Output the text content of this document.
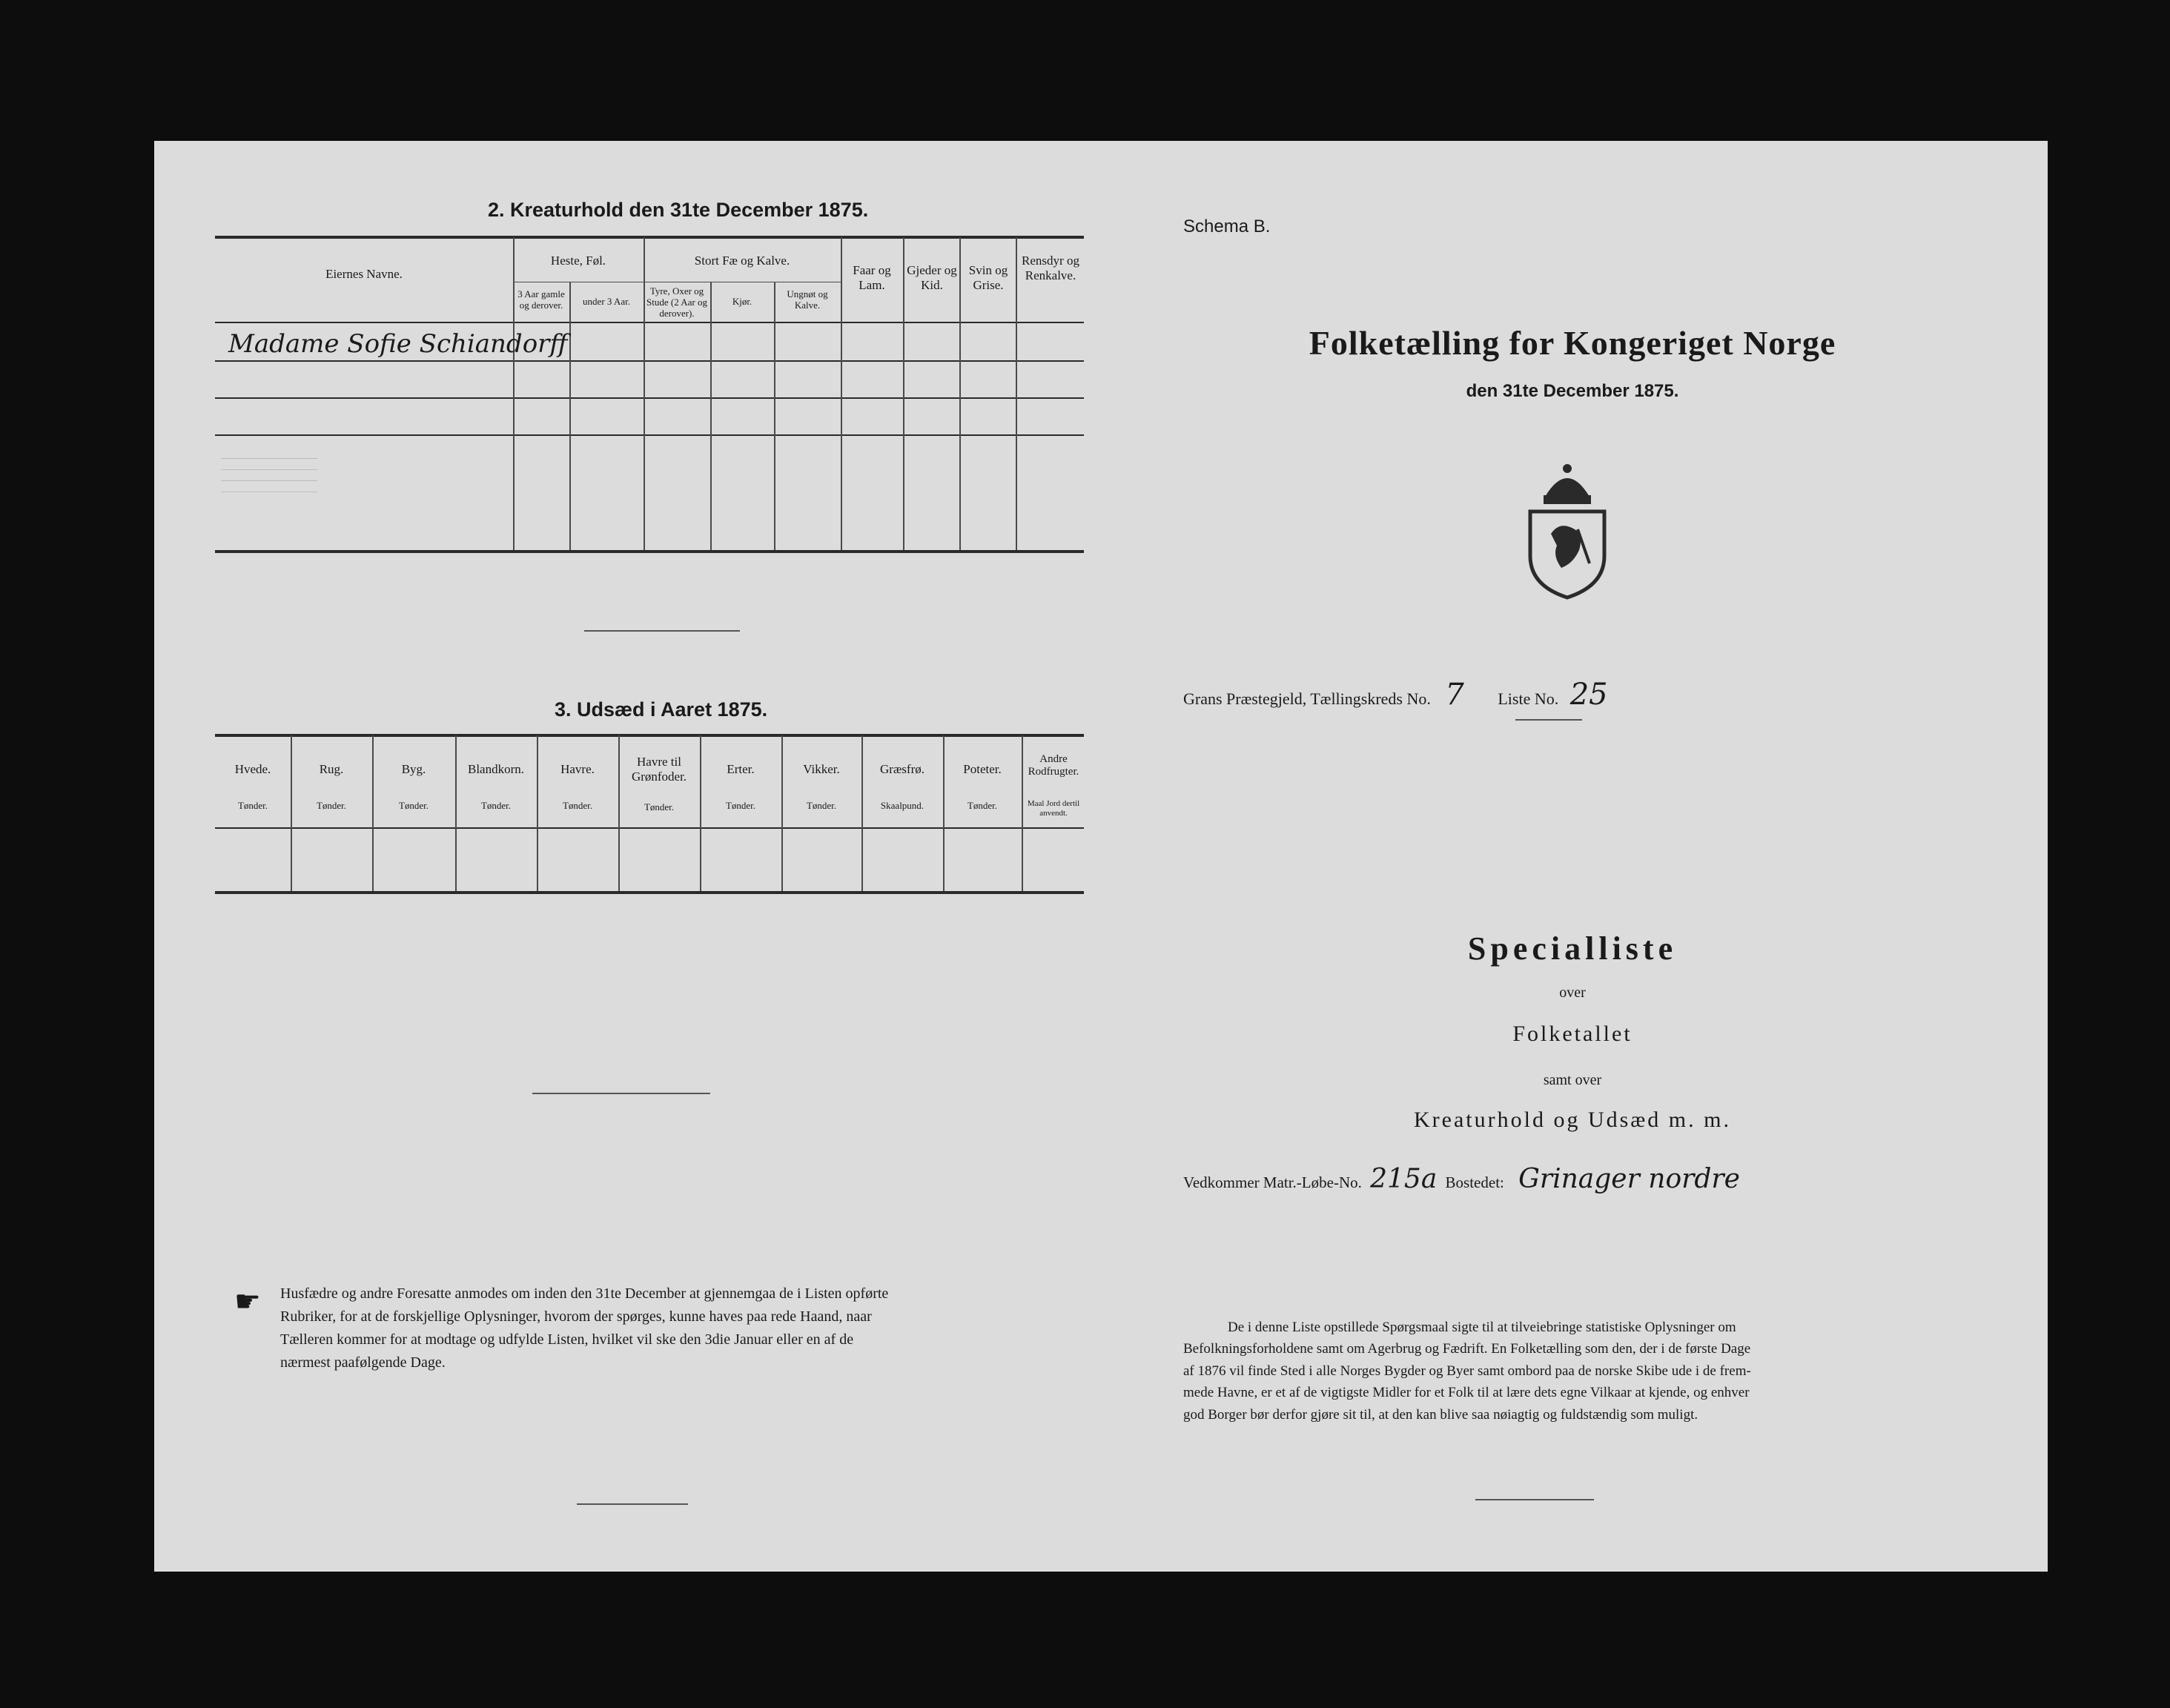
2. Kreaturhold den 31te December 1875.
Eiernes Navne.
Heste, Føl.	Stort Fæ og Kalve.
3 Aar gamle og derover.	under 3 Aar.
Tyre, Oxer og Stude (2 Aar og derover).
Kjør.
Ungnøt og Kalve.
Faar og Lam.
Gjeder og Kid.
Svin og Grise.
Rensdyr og Renkalve.
Madame Sofie Schiandorff
3. Udsæd i Aaret 1875.
Hvede.
Tønder.
Rug.
Tønder.
Byg.
Tønder.
Blandkorn.
Tønder.
Havre.
Tønder.
Havre til Grønfoder.
Tønder.
Erter.
Tønder.
Vikker.
Tønder.
Græsfrø.
Skaalpund.
Poteter.
Tønder.
Andre Rodfrugter.
Maal Jord dertil anvendt.
☛ Husfædre og andre Foresatte anmodes om inden den 31te December at gjennemgaa de i Listen opførte
Rubriker, for at de forskjellige Oplysninger, hvorom der spørges, kunne haves paa rede Haand, naar
Tælleren kommer for at modtage og udfylde Listen, hvilket vil ske den 3die Januar eller en af de
nærmest paafølgende Dage.
Schema B.
Folketælling for Kongeriget Norge
den 31te December 1875.
Grans Præstegjeld, Tællingskreds No. 7 Liste No. 25
Specialliste
over
Folketallet
samt over
Kreaturhold og Udsæd m. m.
Vedkommer Matr.-Løbe-No. 215a Bostedet: Grinager nordre
De i denne Liste opstillede Spørgsmaal sigte til at tilveiebringe statistiske Oplysninger om
Befolkningsforholdene samt om Agerbrug og Fædrift. En Folketælling som den, der i de første Dage
af 1876 vil finde Sted i alle Norges Bygder og Byer samt ombord paa de norske Skibe ude i de frem-
mede Havne, er et af de vigtigste Midler for et Folk til at lære dets egne Vilkaar at kjende, og enhver
god Borger bør derfor gjøre sit til, at den kan blive saa nøiagtig og fuldstændig som muligt.
